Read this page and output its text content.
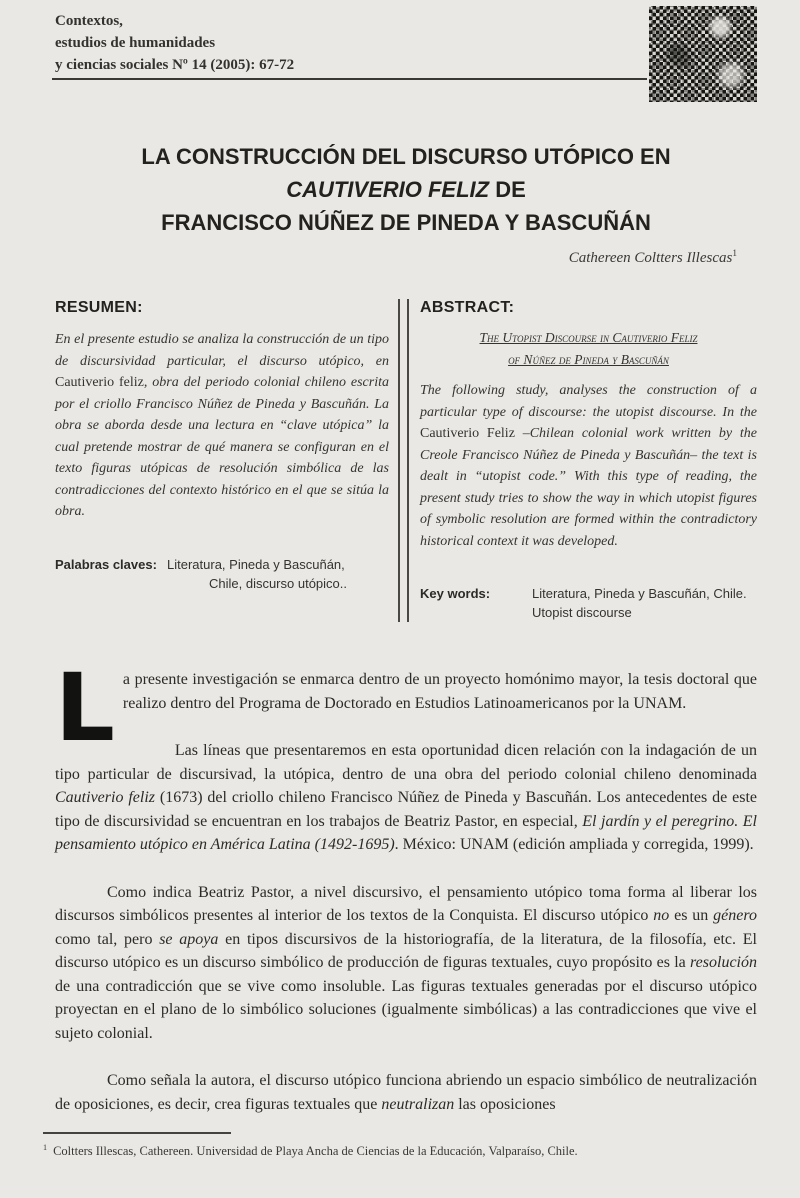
Contextos,
estudios de humanidades
y ciencias sociales Nº 14 (2005): 67-72
LA CONSTRUCCIÓN DEL DISCURSO UTÓPICO EN
CAUTIVERIO FELIZ DE
FRANCISCO NÚÑEZ DE PINEDA Y BASCUÑÁN
Cathereen Coltters Illescas$^1$
RESUMEN:
En el presente estudio se analiza la construcción de un tipo de discursividad particular, el discurso utópico, en Cautiverio feliz, obra del periodo colonial chileno escrita por el criollo Francisco Núñez de Pineda y Bascuñán. La obra se aborda desde una lectura en “clave utópica” la cual pretende mostrar de qué manera se configuran en el texto figuras utópicas de resolución simbólica de las contradicciones del contexto histórico en el que se sitúa la obra.
Palabras claves: Literatura, Pineda y Bascuñán,
Chile, discurso utópico..
ABSTRACT:
The Utopist Discourse in Cautiverio Feliz
of Núñez de Pineda y Bascuñán
The following study, analyses the construction of a particular type of discourse: the utopist discourse. In the Cautiverio Feliz –Chilean colonial work written by the Creole Francisco Núñez de Pineda y Bascuñán– the text is dealt in “utopist code.” With this type of reading, the present study tries to show the way in which utopist figures of symbolic resolution are formed within the contradictory historical context it was developed.
Key words:	Literatura, Pineda y Bascuñán, Chile.
Utopist discourse

L a presente investigación se enmarca dentro de un proyecto homónimo mayor, la tesis doctoral que realizo dentro del Programa de Doctorado en Estudios Latinoamericanos por la UNAM.

Las líneas que presentaremos en esta oportunidad dicen relación con la indagación de un tipo particular de discursivad, la utópica, dentro de una obra del periodo colonial chileno denominada Cautiverio feliz (1673) del criollo chileno Francisco Núñez de Pineda y Bascuñán. Los antecedentes de este tipo de discursividad se encuentran en los trabajos de Beatriz Pastor, en especial, El jardín y el peregrino. El pensamiento utópico en América Latina (1492-1695). México: UNAM (edición ampliada y corregida, 1999).

Como indica Beatriz Pastor, a nivel discursivo, el pensamiento utópico toma forma al liberar los discursos simbólicos presentes al interior de los textos de la Conquista. El discurso utópico no es un género como tal, pero se apoya en tipos discursivos de la historiografía, de la literatura, de la filosofía, etc. El discurso utópico es un discurso simbólico de producción de figuras textuales, cuyo propósito es la resolución de una contradicción que se vive como insoluble. Las figuras textuales generadas por el discurso utópico proyectan en el plano de lo simbólico soluciones (igualmente simbólicas) a las contradicciones que vive el sujeto colonial.

Como señala la autora, el discurso utópico funciona abriendo un espacio simbólico de neutralización de oposiciones, es decir, crea figuras textuales que neutralizan las oposiciones

$^1$ Coltters Illescas, Cathereen. Universidad de Playa Ancha de Ciencias de la Educación, Valparaíso, Chile.
